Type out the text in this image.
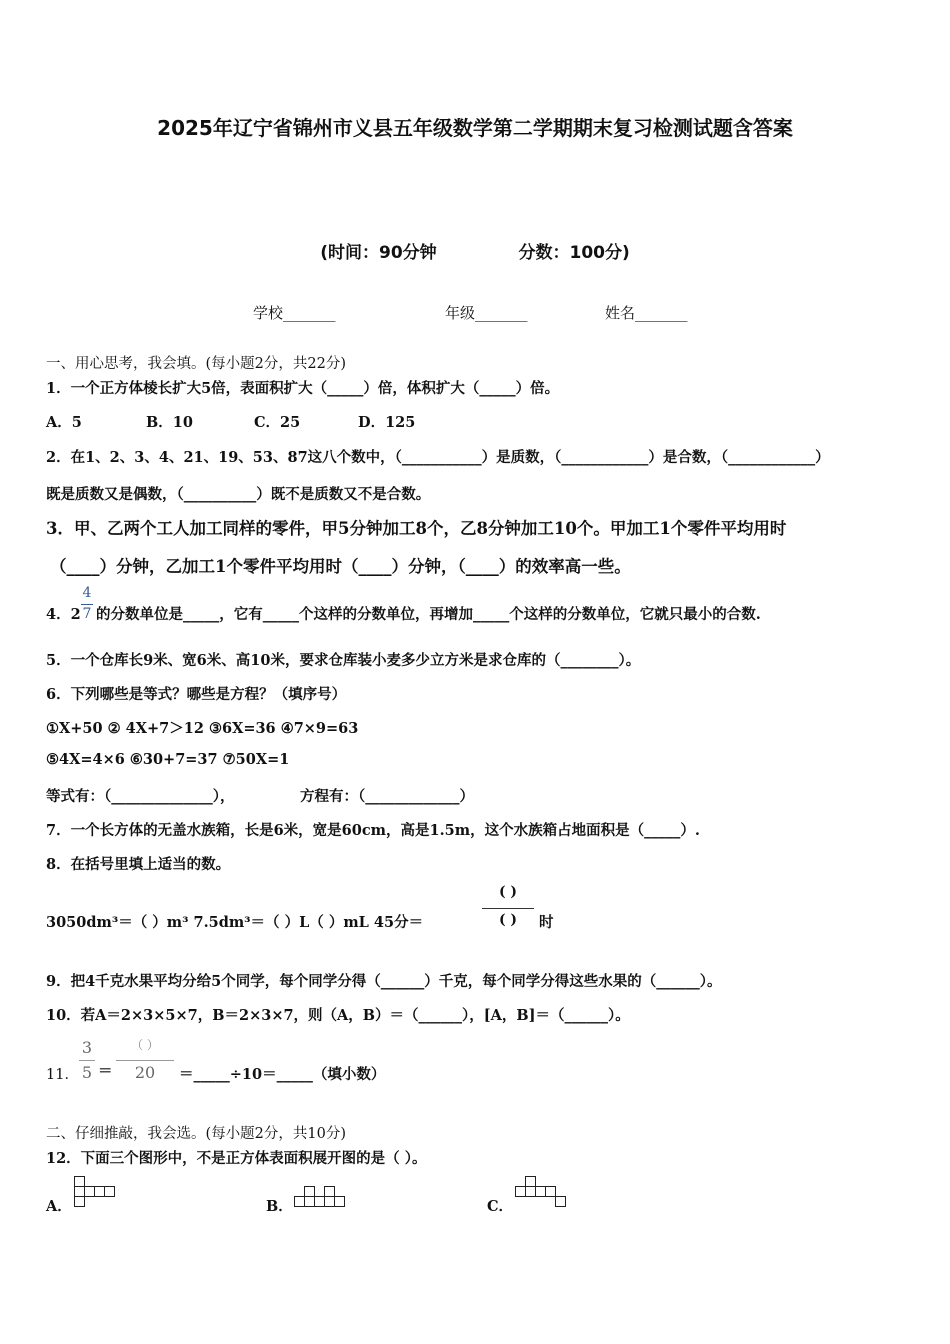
2025年辽宁省锦州市义县五年级数学第二学期期末复习检测试题含答案
(时间：90分钟	分数：100分)
学校_______	年级_______	姓名_______
一、用心思考，我会填。(每小题2分，共22分)
1．一个正方体棱长扩大5倍，表面积扩大（_____）倍，体积扩大（_____）倍。
A．5	B．10	C．25	D．125
2．在1、2、3、4、21、19、53、87这八个数中，（___________）是质数，（____________）是合数，（____________）
既是质数又是偶数，（__________）既不是质数又不是合数。
3．甲、乙两个工人加工同样的零件，甲5分钟加工8个，乙8分钟加工10个。甲加工1个零件平均用时
（____）分钟，乙加工1个零件平均用时（____）分钟，（____）的效率高一些。
4．2
4
7 的分数单位是_____，它有_____个这样的分数单位，再增加_____个这样的分数单位，它就只最小的合数.
5．一个仓库长9米、宽6米、高10米，要求仓库装小麦多少立方米是求仓库的（________）。
6．下列哪些是等式？哪些是方程？（填序号）
①X+50 ② 4X+7＞12 ③6X=36 ④7×9=63
⑤4X=4×6 ⑥30+7=37 ⑦50X=1
等式有：（______________），	方程有：（_____________）
7．一个长方体的无盖水族箱，长是6米，宽是60cm，高是1.5m，这个水族箱占地面积是（_____）.
8．在括号里填上适当的数。
3050dm³＝（ ）m³ 7.5dm³＝（ ）L（ ）mL 45分＝
( )
( )	时
9．把4千克水果平均分给5个同学，每个同学分得（______）千克，每个同学分得这些水果的（______）。
10．若A＝2×3×5×7，B＝2×3×7，则（A，B）＝（______），[A，B]＝（______）。
11．
3
5 ＝
（ ）
20	＝_____÷10＝_____（填小数）
二、仔细推敲，我会选。(每小题2分，共10分)
12．下面三个图形中，不是正方体表面积展开图的是（ ）。
A．	B．	C．
